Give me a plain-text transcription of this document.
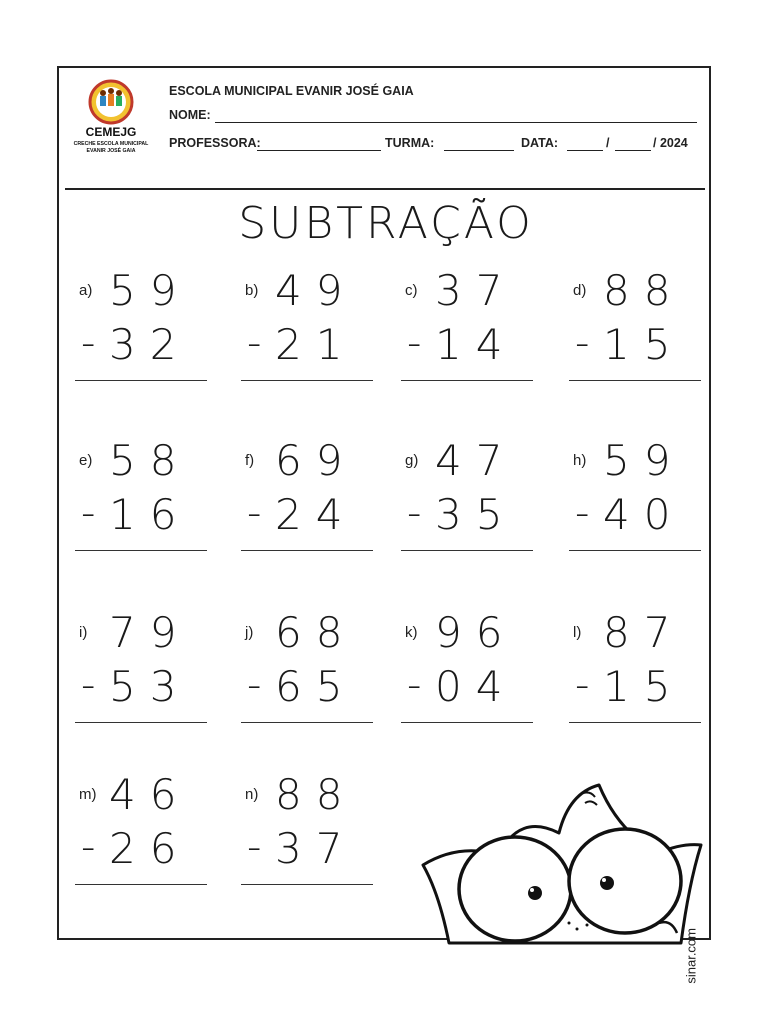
CEMEJG
CRECHE ESCOLA MUNICIPAL
EVANIR JOSÉ GAIA
ESCOLA MUNICIPAL EVANIR JOSÉ GAIA
NOME:
PROFESSORA:	TURMA:	DATA:	/	/ 2024
SUBTRAÇÃO
a) 59
- 32
b) 49
- 21
c) 37
- 14
d) 88
- 15
e) 58
- 16
f) 69
- 24
g) 47
- 35
h) 59
- 40
i) 79
- 53
j) 68
- 65
k) 96
- 04
l) 87
- 15
m) 46
- 26
n) 88
- 37
sinar.com
